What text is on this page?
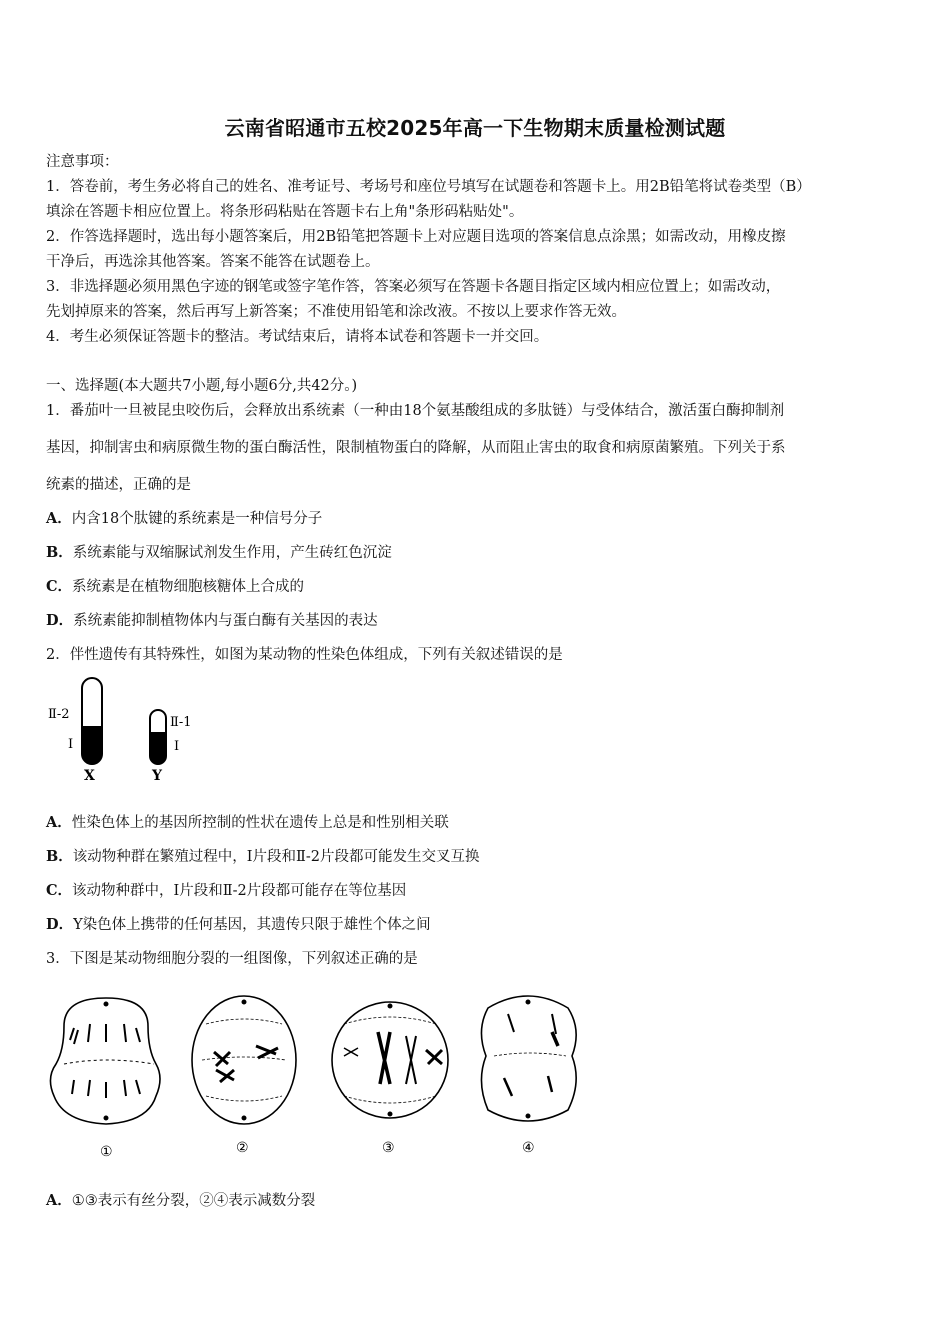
云南省昭通市五校2025年高一下生物期末质量检测试题
注意事项：
1．答卷前，考生务必将自己的姓名、准考证号、考场号和座位号填写在试题卷和答题卡上。用2B铅笔将试卷类型（B）
填涂在答题卡相应位置上。将条形码粘贴在答题卡右上角"条形码粘贴处"。
2．作答选择题时，选出每小题答案后，用2B铅笔把答题卡上对应题目选项的答案信息点涂黑；如需改动，用橡皮擦
干净后，再选涂其他答案。答案不能答在试题卷上。
3．非选择题必须用黑色字迹的钢笔或签字笔作答，答案必须写在答题卡各题目指定区域内相应位置上；如需改动，
先划掉原来的答案，然后再写上新答案；不准使用铅笔和涂改液。不按以上要求作答无效。
4．考生必须保证答题卡的整洁。考试结束后，请将本试卷和答题卡一并交回。
一、选择题(本大题共7小题,每小题6分,共42分。)
1．番茄叶一旦被昆虫咬伤后，会释放出系统素（一种由18个氨基酸组成的多肽链）与受体结合，激活蛋白酶抑制剂
基因，抑制害虫和病原微生物的蛋白酶活性，限制植物蛋白的降解，从而阻止害虫的取食和病原菌繁殖。下列关于系
统素的描述，正确的是
A．内含18个肽键的系统素是一种信号分子
B．系统素能与双缩脲试剂发生作用，产生砖红色沉淀
C．系统素是在植物细胞核糖体上合成的
D．系统素能抑制植物体内与蛋白酶有关基因的表达
2．伴性遗传有其特殊性，如图为某动物的性染色体组成，下列有关叙述错误的是
Ⅱ-2
Ⅰ
X
Ⅱ-1
Ⅰ
Y
A．性染色体上的基因所控制的性状在遗传上总是和性别相关联
B．该动物种群在繁殖过程中，Ⅰ片段和Ⅱ-2片段都可能发生交叉互换
C．该动物种群中，Ⅰ片段和Ⅱ-2片段都可能存在等位基因
D．Y染色体上携带的任何基因，其遗传只限于雄性个体之间
3．下图是某动物细胞分裂的一组图像，下列叙述正确的是
①	②	③	④
A．①③表示有丝分裂，②④表示减数分裂
